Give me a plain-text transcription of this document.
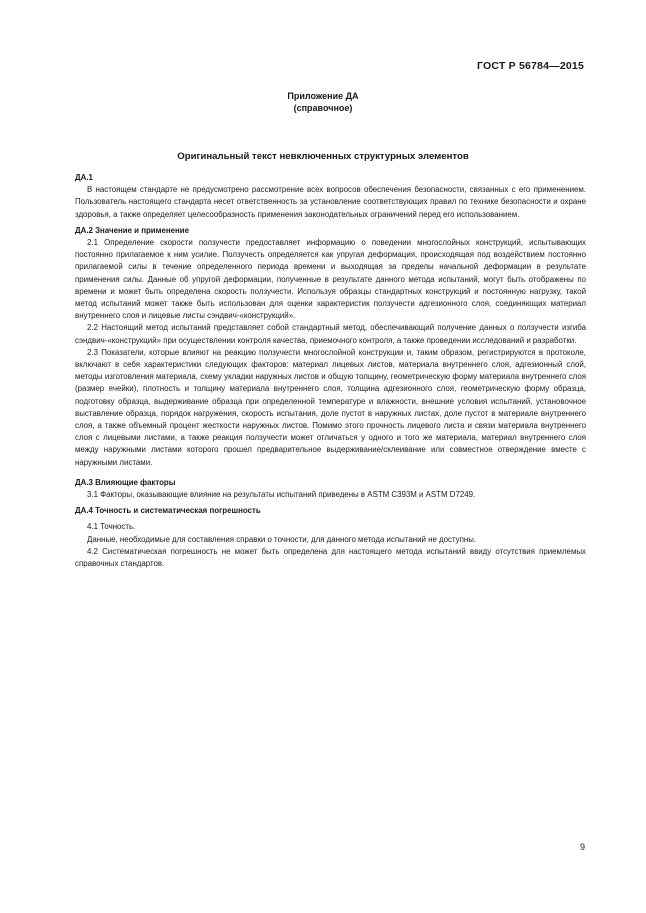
ГОСТ Р 56784—2015
Приложение ДА
(справочное)
Оригинальный текст невключенных структурных элементов

ДА.1

В настоящем стандарте не предусмотрено рассмотрение всех вопросов обеспечения безопасности, связанных с его применением. Пользователь настоящего стандарта несет ответственность за установление соответствующих правил по технике безопасности и охране здоровья, а также определяет целесообразность применения законодательных ограничений перед его использованием.

ДА.2 Значение и применение

2.1 Определение скорости ползучести предоставляет информацию о поведении многослойных конструкций, испытывающих постоянно прилагаемое к ним усилие. Ползучесть определяется как упругая деформация, происходящая под воздействием постоянно прилагаемой силы в течение определенного периода времени и выходящая за пределы начальной деформации в результате применения силы. Данные об упругой деформации, полученные в результате данного метода испытаний, могут быть отображены по времени и может быть определена скорость ползучести. Используя образцы стандартных конструкций и постоянную нагрузку, такой метод испытаний может также быть использован для оценки характеристик ползучести адгезионного слоя, соединяющих материал внутреннего слоя и лицевые листы сэндвич-«конструкций».

2.2 Настоящий метод испытаний представляет собой стандартный метод, обеспечивающий получение данных о ползучести изгиба сэндвич-«конструкций» при осуществлении контроля качества, приемочного контроля, а также проведении исследований и разработки.

2.3 Показатели, которые влияют на реакцию ползучести многослойной конструкции и, таким образом, регистрируются в протоколе, включают в себя характеристики следующих факторов: материал лицевых листов, материала внутреннего слоя, адгезионный слой, методы изготовления материала, схему укладки наружных листов и общую толщину, геометрическую форму материала внутреннего слоя (размер ячейки), плотность и толщину материала внутреннего слоя, толщина адгезионного слоя, геометрическую форму образца, подготовку образца, выдерживание образца при определенной температуре и влажности, внешние условия испытаний, установочное выставление образца, порядок нагружения, скорость испытания, доле пустот в наружных листах, доле пустот в материале внутреннего слоя, а также объемный процент жесткости наружных листов. Помимо этого прочность лицевого листа и связи материала внутреннего слоя с лицевыми листами, а также реакция ползучести может отличаться у одного и того же материала, материал внутреннего слоя между наружными листами которого прошел предварительное выдерживание/склеивание или совместное отверждение вместе с наружными листами.

ДА.3 Влияющие факторы

3.1 Факторы, оказывающие влияние на результаты испытаний приведены в ASTM C393M и ASTM D7249.

ДА.4 Точность и систематическая погрешность

4.1 Точность.

Данные, необходимые для составления справки о точности, для данного метода испытаний не доступны.

4.2 Систематическая погрешность не может быть определена для настоящего метода испытаний ввиду отсутствия приемлемых справочных стандартов.

9
